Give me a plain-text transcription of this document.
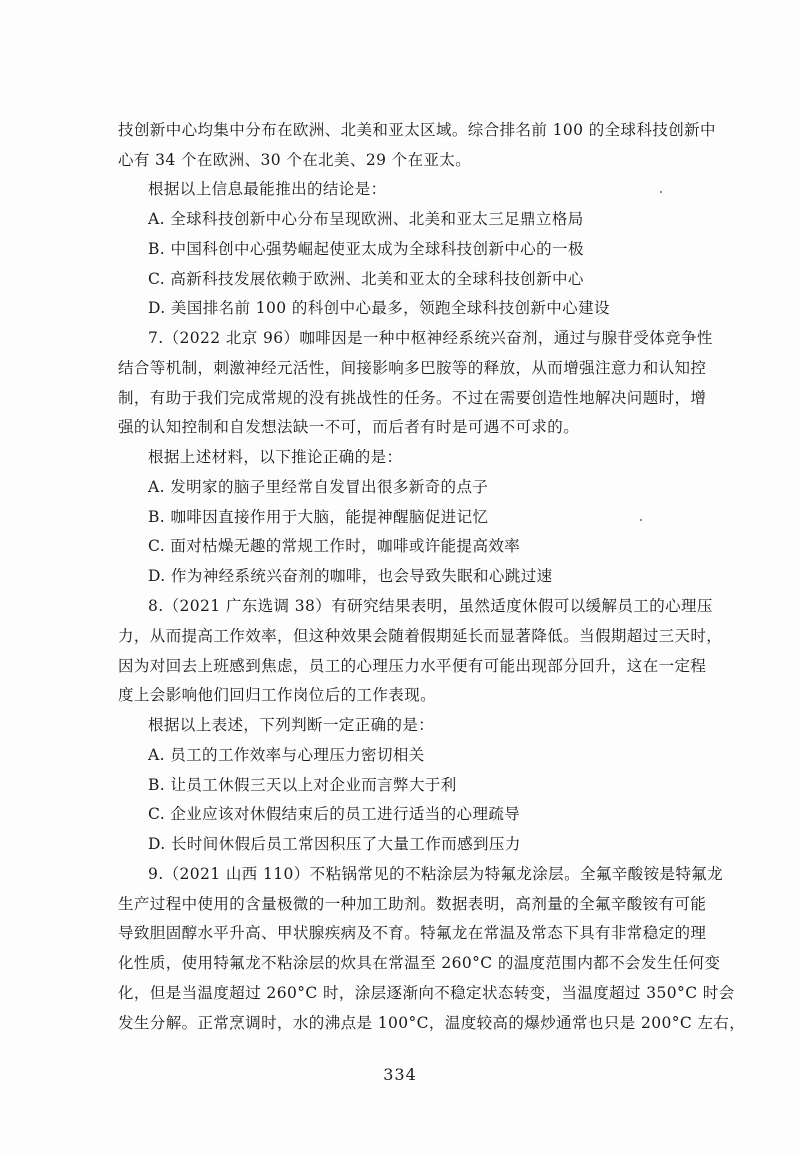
技创新中心均集中分布在欧洲、北美和亚太区域。综合排名前 100 的全球科技创新中
心有 34 个在欧洲、30 个在北美、29 个在亚太。
根据以上信息最能推出的结论是：
A. 全球科技创新中心分布呈现欧洲、北美和亚太三足鼎立格局
B. 中国科创中心强势崛起使亚太成为全球科技创新中心的一极
C. 高新科技发展依赖于欧洲、北美和亚太的全球科技创新中心
D. 美国排名前 100 的科创中心最多，领跑全球科技创新中心建设
7.（2022 北京 96）咖啡因是一种中枢神经系统兴奋剂，通过与腺苷受体竞争性
结合等机制，刺激神经元活性，间接影响多巴胺等的释放，从而增强注意力和认知控
制，有助于我们完成常规的没有挑战性的任务。不过在需要创造性地解决问题时，增
强的认知控制和自发想法缺一不可，而后者有时是可遇不可求的。
根据上述材料，以下推论正确的是：
A. 发明家的脑子里经常自发冒出很多新奇的点子
B. 咖啡因直接作用于大脑，能提神醒脑促进记忆
C. 面对枯燥无趣的常规工作时，咖啡或许能提高效率
D. 作为神经系统兴奋剂的咖啡，也会导致失眠和心跳过速
8.（2021 广东选调 38）有研究结果表明，虽然适度休假可以缓解员工的心理压
力，从而提高工作效率，但这种效果会随着假期延长而显著降低。当假期超过三天时，
因为对回去上班感到焦虑，员工的心理压力水平便有可能出现部分回升，这在一定程
度上会影响他们回归工作岗位后的工作表现。
根据以上表述，下列判断一定正确的是：
A. 员工的工作效率与心理压力密切相关
B. 让员工休假三天以上对企业而言弊大于利
C. 企业应该对休假结束后的员工进行适当的心理疏导
D. 长时间休假后员工常因积压了大量工作而感到压力
9.（2021 山西 110）不粘锅常见的不粘涂层为特氟龙涂层。全氟辛酸铵是特氟龙
生产过程中使用的含量极微的一种加工助剂。数据表明，高剂量的全氟辛酸铵有可能
导致胆固醇水平升高、甲状腺疾病及不育。特氟龙在常温及常态下具有非常稳定的理
化性质，使用特氟龙不粘涂层的炊具在常温至 260°C 的温度范围内都不会发生任何变
化，但是当温度超过 260°C 时，涂层逐渐向不稳定状态转变，当温度超过 350°C 时会
发生分解。正常烹调时，水的沸点是 100°C，温度较高的爆炒通常也只是 200°C 左右，
334
